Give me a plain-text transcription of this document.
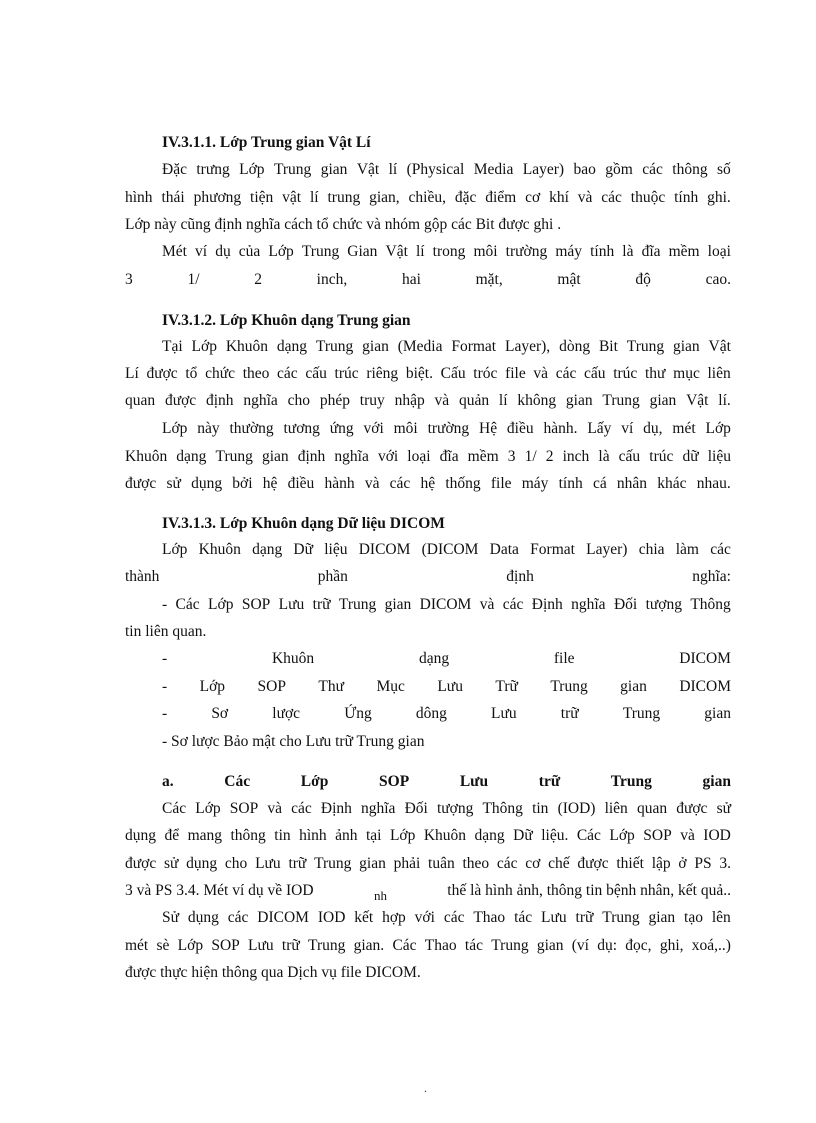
IV.3.1.1. Lớp Trung gian Vật Lí
Đặc trưng Lớp Trung gian Vật lí (Physical Media Layer) bao gồm các thông số
hình thái phương tiện vật lí trung gian, chiều, đặc điểm cơ khí và các thuộc tính ghi.
Lớp này cũng định nghĩa cách tổ chức và nhóm gộp các Bit được ghi .
Mét ví dụ của Lớp Trung Gian Vật lí trong môi trường máy tính là đĩa mềm loại
3	1/	2	inch,	hai	mặt,	mật	độ	cao.
IV.3.1.2. Lớp Khuôn dạng Trung gian
Tại Lớp Khuôn dạng Trung gian (Media Format Layer), dòng Bit Trung gian Vật
Lí được tổ chức theo các cấu trúc riêng biệt. Cấu tróc file và các cấu trúc thư mục liên
quan được định nghĩa cho phép truy nhập và quản lí không gian Trung gian Vật lí.
Lớp này thường tương ứng với môi trường Hệ điều hành. Lấy ví dụ, mét Lớp
Khuôn dạng Trung gian định nghĩa với loại đĩa mềm 3 1/ 2 inch là cấu trúc dữ liệu
được sử dụng bởi hệ điều hành và các hệ thống file máy tính cá nhân khác nhau.
IV.3.1.3. Lớp Khuôn dạng Dữ liệu DICOM
Lớp Khuôn dạng Dữ liệu DICOM (DICOM Data Format Layer) chia làm các
thành	phần	định	nghĩa:
- Các Lớp SOP Lưu trữ Trung gian DICOM và các Định nghĩa Đối tượng Thông
tin liên quan.
-	Khuôn	dạng	file	DICOM
- Lớp SOP Thư Mục Lưu Trữ Trung gian DICOM
-	Sơ	lược	Ứng	dông	Lưu	trữ	Trung	gian
- Sơ lược Bảo mật cho Lưu trữ Trung gian
a.	Các	Lớp	SOP	Lưu	trữ	Trung	gian
Các Lớp SOP và các Định nghĩa Đối tượng Thông tin (IOD) liên quan được sử
dụng để mang thông tin hình ảnh tại Lớp Khuôn dạng Dữ liệu. Các Lớp SOP và IOD
được sử dụng cho Lưu trữ Trung gian phải tuân theo các cơ chế được thiết lập ở PS 3.
3 và PS 3.4. Mét ví dụ về IOD	nh	thế là hình ảnh, thông tin bệnh nhân, kết quả..
Sử dụng các DICOM IOD kết hợp với các Thao tác Lưu trữ Trung gian tạo lên
mét sè Lớp SOP Lưu trữ Trung gian. Các Thao tác Trung gian (ví dụ: đọc, ghi, xoá,..)
được thực hiện thông qua Dịch vụ file DICOM.
.
